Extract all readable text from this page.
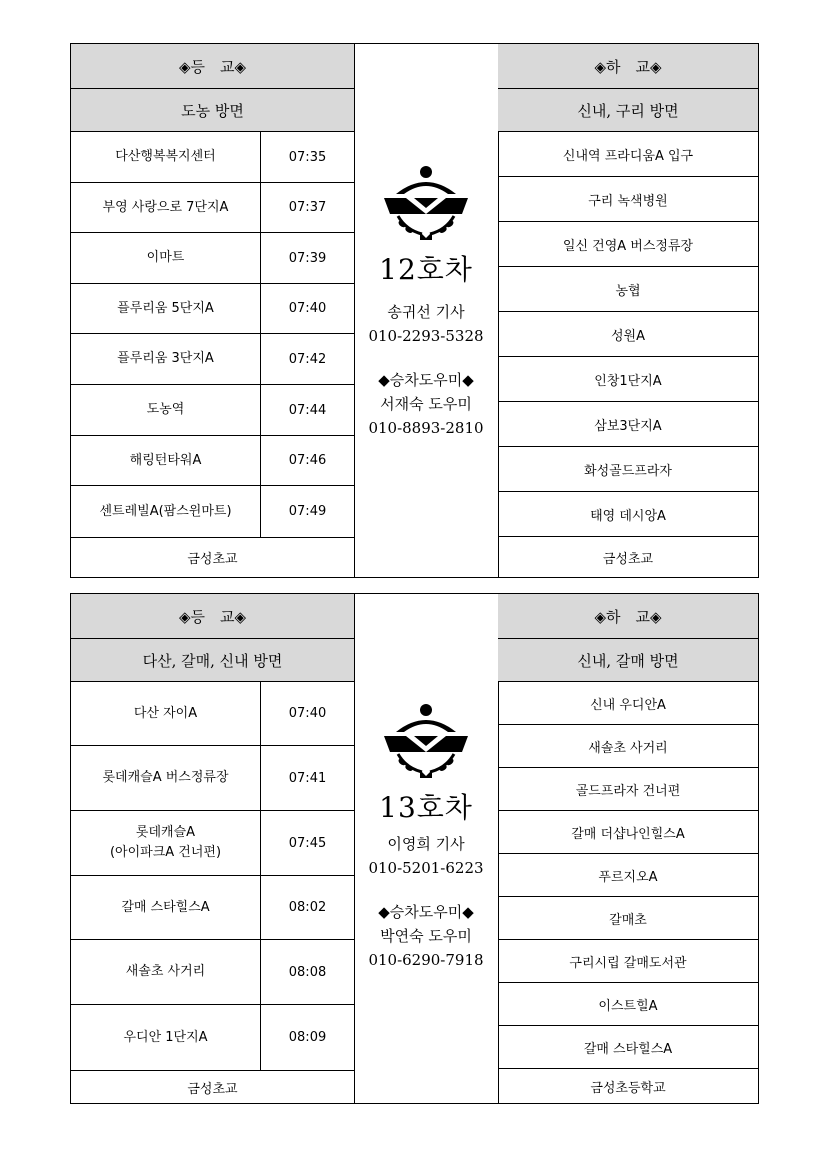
◈등　교◈
도농 방면
다산행복복지센터	07:35
부영 사랑으로 7단지A	07:37
이마트	07:39
플루리움 5단지A	07:40
플루리움 3단지A	07:42
도농역	07:44
해링턴타워A	07:46
센트레빌A(팜스윈마트)	07:49
금성초교
12호차
송귀선 기사
010-2293-5328
◆승차도우미◆
서재숙 도우미
010-8893-2810
◈하　교◈
신내, 구리 방면
신내역 프라디움A 입구
구리 녹색병원
일신 건영A 버스정류장
농협
성원A
인창1단지A
삼보3단지A
화성골드프라자
태영 데시앙A
금성초교
◈등　교◈
다산, 갈매, 신내 방면
다산 자이A	07:40
롯데캐슬A 버스정류장	07:41
롯데캐슬A
(아이파크A 건너편)
07:45
갈매 스타힐스A	08:02
새솔초 사거리	08:08
우디안 1단지A	08:09
금성초교
13호차
이영희 기사
010-5201-6223
◆승차도우미◆
박연숙 도우미
010-6290-7918
◈하　교◈
신내, 갈매 방면
신내 우디안A
새솔초 사거리
골드프라자 건너편
갈매 더샵나인힐스A
푸르지오A
갈매초
구리시립 갈매도서관
이스트힐A
갈매 스타힐스A
금성초등학교
